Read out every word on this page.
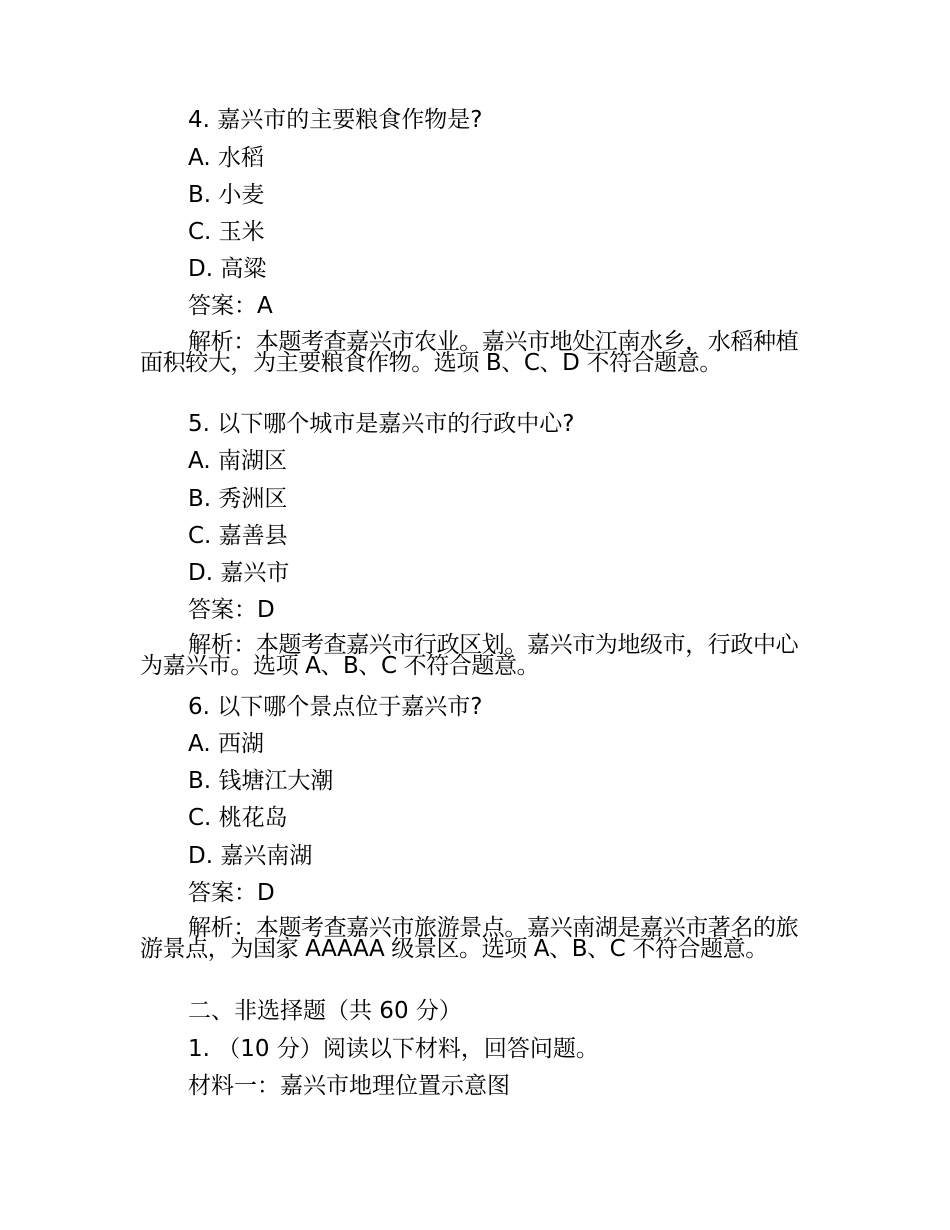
4. 嘉兴市的主要粮食作物是?
A. 水稻
B. 小麦
C. 玉米
D. 高粱
答案：A
解析：本题考查嘉兴市农业。嘉兴市地处江南水乡，水稻种植面积较大，为主要粮食作物。选项 B、C、D 不符合题意。
5. 以下哪个城市是嘉兴市的行政中心?
A. 南湖区
B. 秀洲区
C. 嘉善县
D. 嘉兴市
答案：D
解析：本题考查嘉兴市行政区划。嘉兴市为地级市，行政中心为嘉兴市。选项 A、B、C 不符合题意。
6. 以下哪个景点位于嘉兴市?
A. 西湖
B. 钱塘江大潮
C. 桃花岛
D. 嘉兴南湖
答案：D
解析：本题考查嘉兴市旅游景点。嘉兴南湖是嘉兴市著名的旅游景点，为国家 AAAAA 级景区。选项 A、B、C 不符合题意。
二、非选择题（共 60 分）
1. （10 分）阅读以下材料，回答问题。
材料一：嘉兴市地理位置示意图
